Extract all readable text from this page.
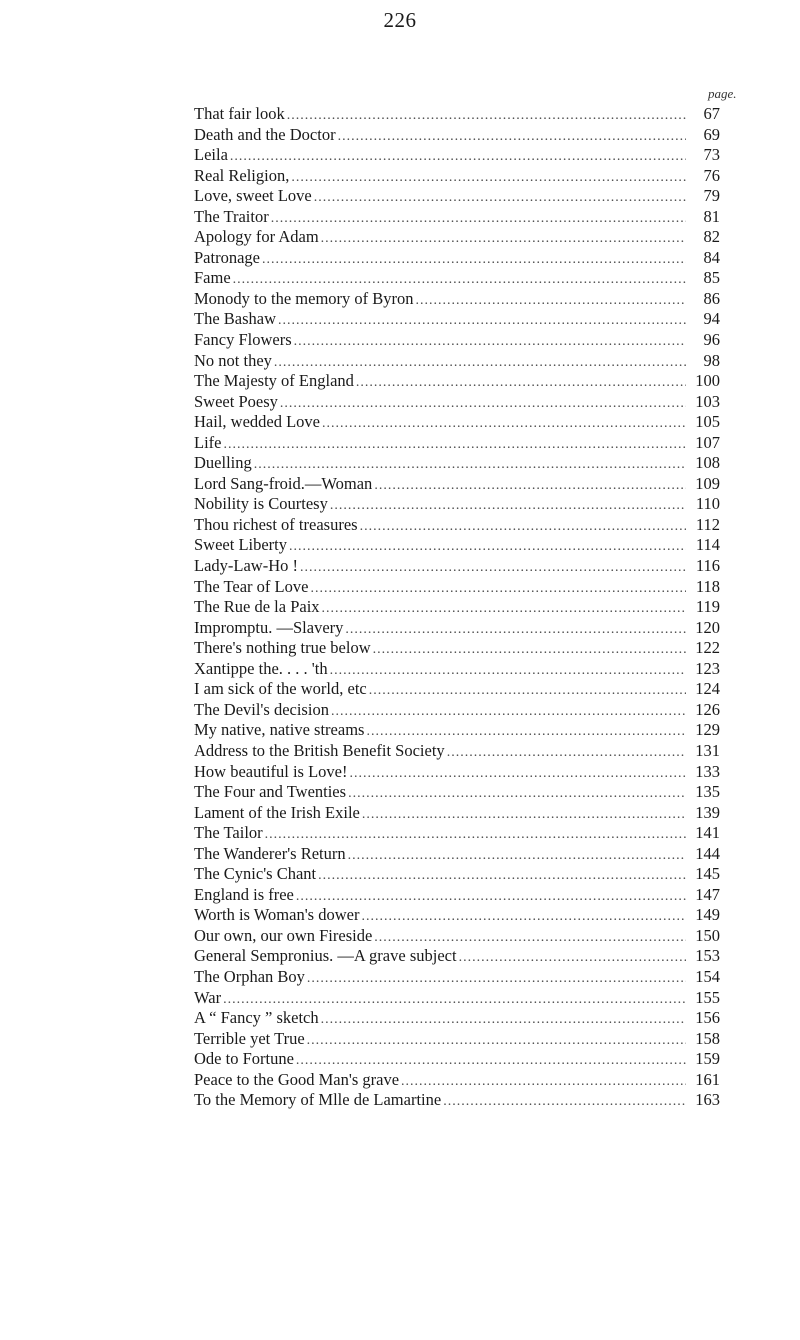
226
page.
That fair look .....	67
Death and the Doctor .....	69
Leila .....	73
Real Religion, .....	76
Love, sweet Love .....	79
The Traitor .....	81
Apology for Adam .....	82
Patronage .....	84
Fame .....	85
Monody to the memory of Byron .....	86
The Bashaw .....	94
Fancy Flowers .....	96
No not they .....	98
The Majesty of England .....	100
Sweet Poesy .....	103
Hail, wedded Love .....	105
Life .....	107
Duelling .....	108
Lord Sang-froid.—Woman .....	109
Nobility is Courtesy .....	110
Thou richest of treasures .....	112
Sweet Liberty .....	114
Lady-Law-Ho ! .....	116
The Tear of Love .....	118
The Rue de la Paix .....	119
Impromptu. —Slavery .....	120
There's nothing true below .....	122
Xantippe the. . . . 'th .....	123
I am sick of the world, etc .....	124
The Devil's decision .....	126
My native, native streams .....	129
Address to the British Benefit Society .....	131
How beautiful is Love! .....	133
The Four and Twenties .....	135
Lament of the Irish Exile .....	139
The Tailor .....	141
The Wanderer's Return .....	144
The Cynic's Chant .....	145
England is free .....	147
Worth is Woman's dower .....	149
Our own, our own Fireside .....	150
General Sempronius. —A grave subject .....	153
The Orphan Boy .....	154
War .....	155
A “ Fancy ” sketch .....	156
Terrible yet True .....	158
Ode to Fortune .....	159
Peace to the Good Man's grave .....	161
To the Memory of Mlle de Lamartine .....	163
